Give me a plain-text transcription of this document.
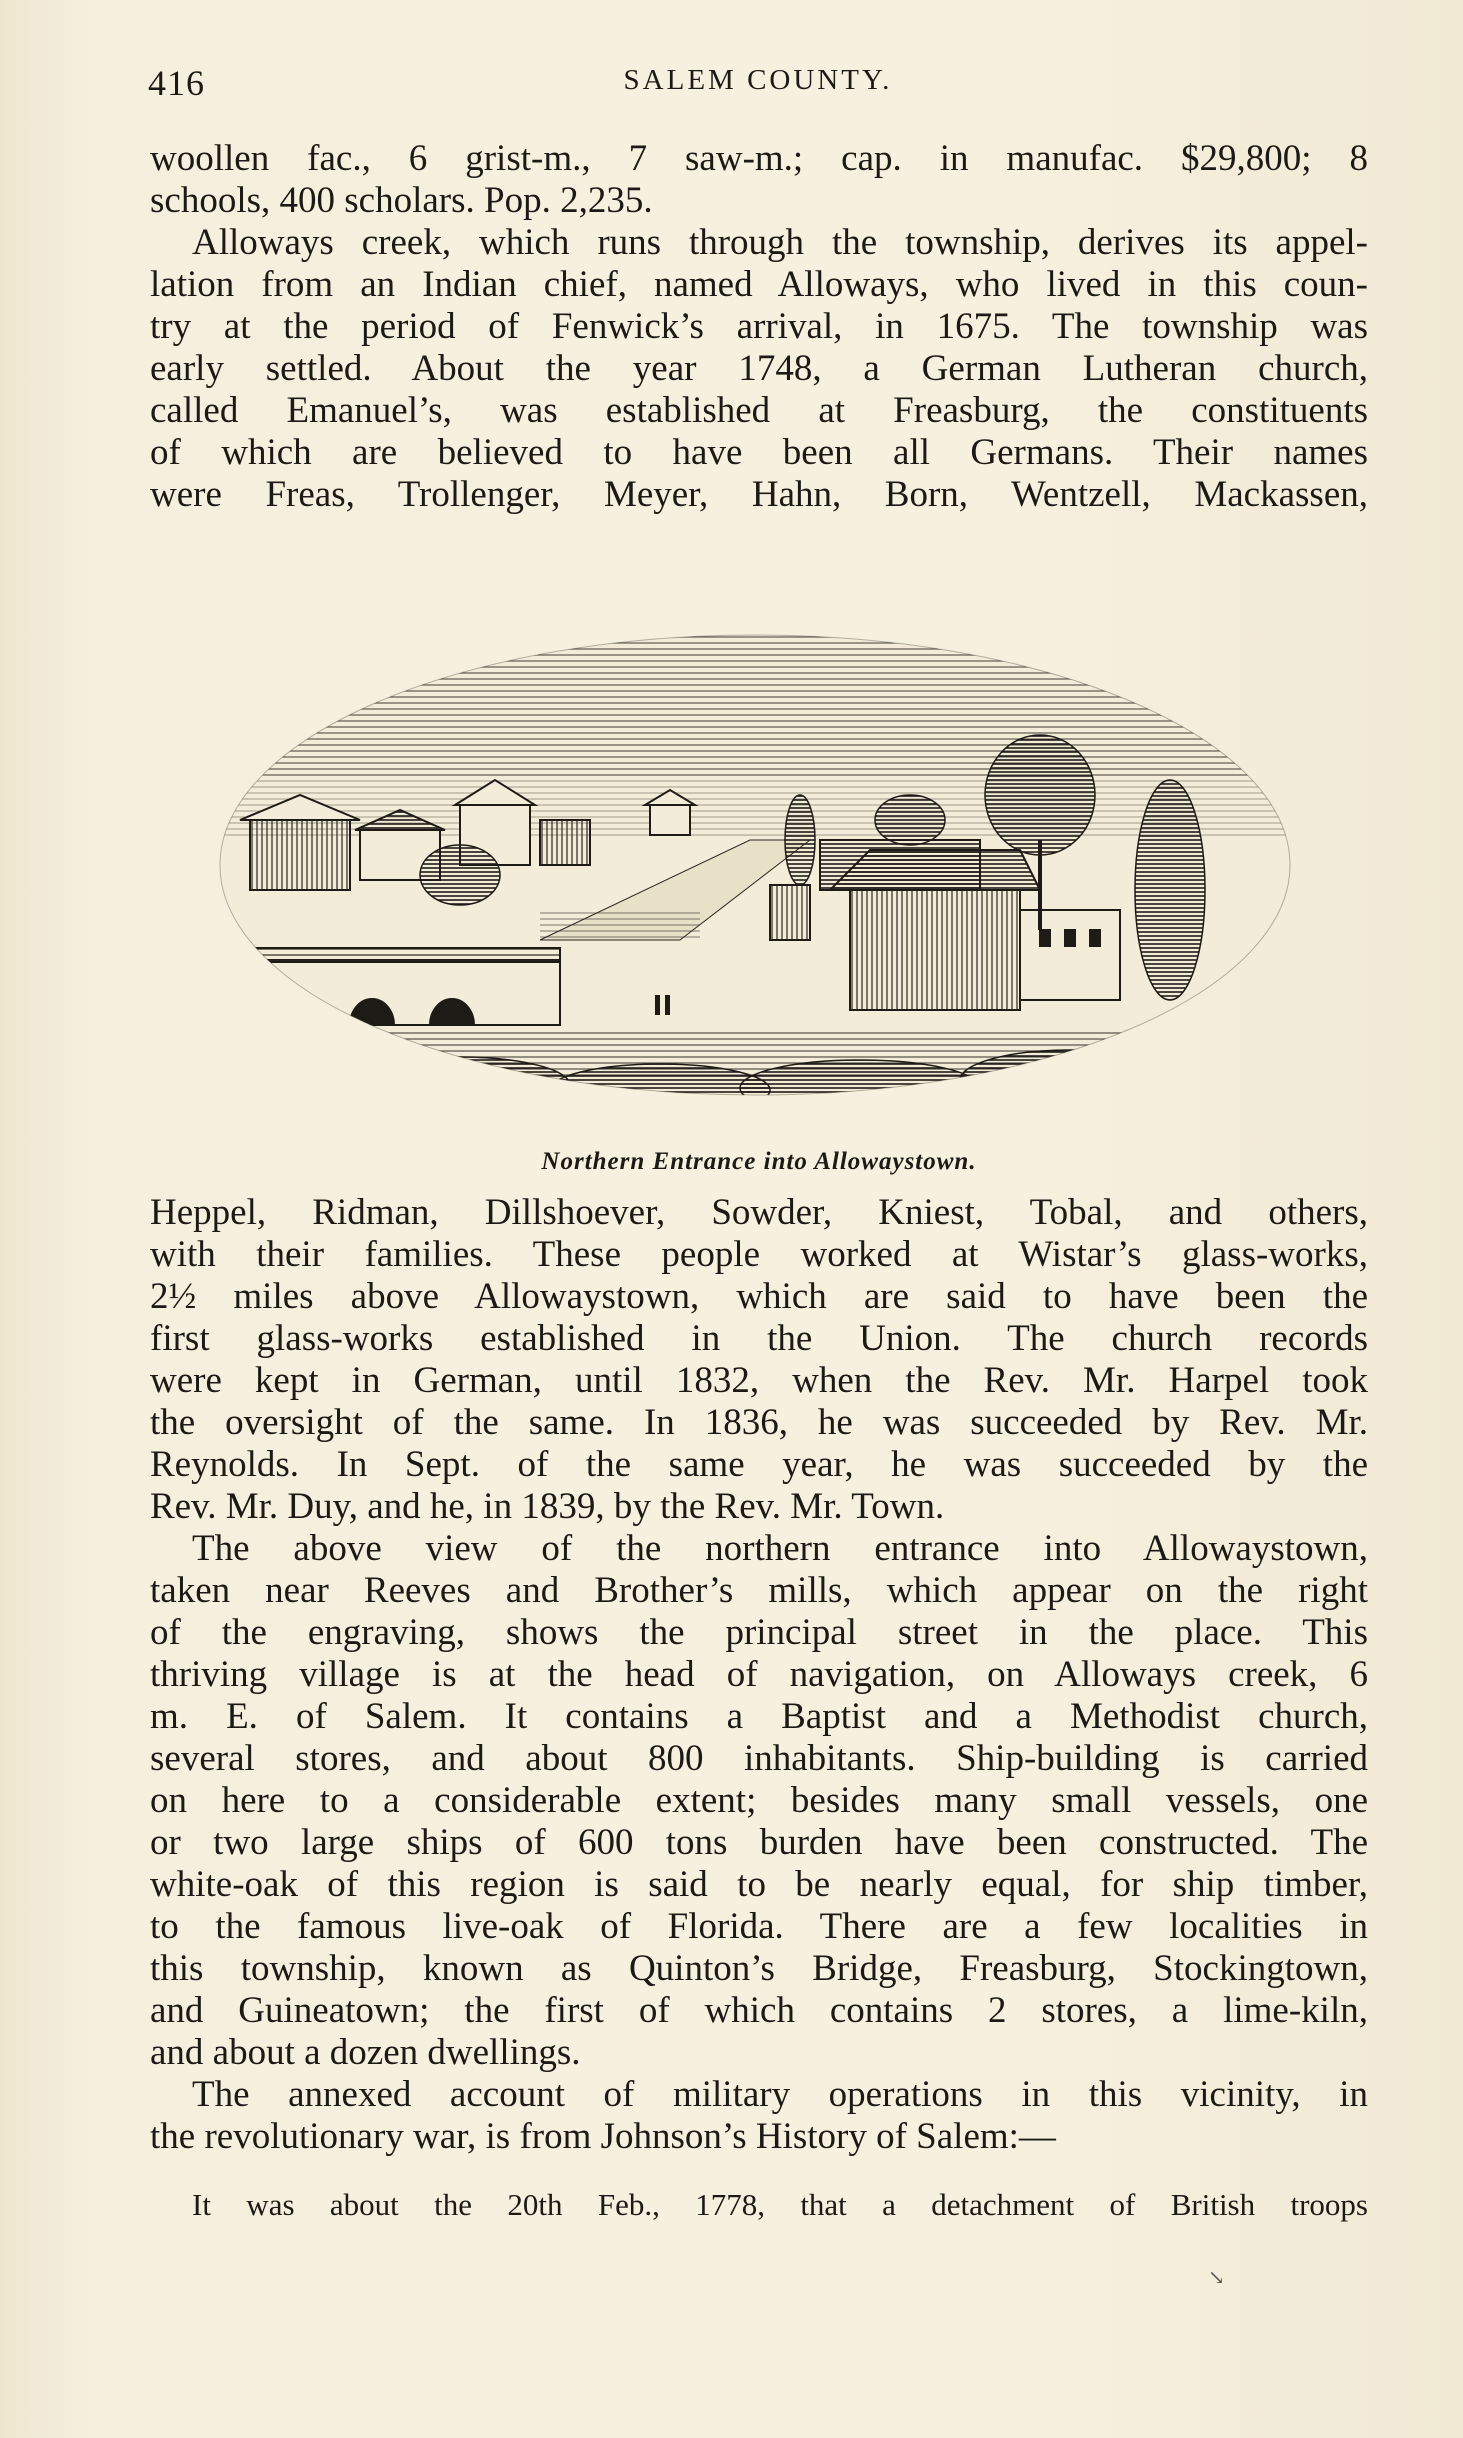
416	SALEM COUNTY.
woollen fac., 6 grist-m., 7 saw-m.; cap. in manufac. $29,800; 8
schools, 400 scholars. Pop. 2,235.
Alloways creek, which runs through the township, derives its appel-
lation from an Indian chief, named Alloways, who lived in this coun-
try at the period of Fenwick’s arrival, in 1675. The township was
early settled. About the year 1748, a German Lutheran church,
called Emanuel’s, was established at Freasburg, the constituents
of which are believed to have been all Germans. Their names
were Freas, Trollenger, Meyer, Hahn, Born, Wentzell, Mackassen,
Northern Entrance into Allowaystown.
Heppel, Ridman, Dillshoever, Sowder, Kniest, Tobal, and others,
with their families. These people worked at Wistar’s glass-works,
2½ miles above Allowaystown, which are said to have been the
first glass-works established in the Union. The church records
were kept in German, until 1832, when the Rev. Mr. Harpel took
the oversight of the same. In 1836, he was succeeded by Rev. Mr.
Reynolds. In Sept. of the same year, he was succeeded by the
Rev. Mr. Duy, and he, in 1839, by the Rev. Mr. Town.
The above view of the northern entrance into Allowaystown,
taken near Reeves and Brother’s mills, which appear on the right
of the engraving, shows the principal street in the place. This
thriving village is at the head of navigation, on Alloways creek, 6
m. E. of Salem. It contains a Baptist and a Methodist church,
several stores, and about 800 inhabitants. Ship-building is carried
on here to a considerable extent; besides many small vessels, one
or two large ships of 600 tons burden have been constructed. The
white-oak of this region is said to be nearly equal, for ship timber,
to the famous live-oak of Florida. There are a few localities in
this township, known as Quinton’s Bridge, Freasburg, Stockingtown,
and Guineatown; the first of which contains 2 stores, a lime-kiln,
and about a dozen dwellings.
The annexed account of military operations in this vicinity, in
the revolutionary war, is from Johnson’s History of Salem:—
It was about the 20th Feb., 1778, that a detachment of British troops
↘
